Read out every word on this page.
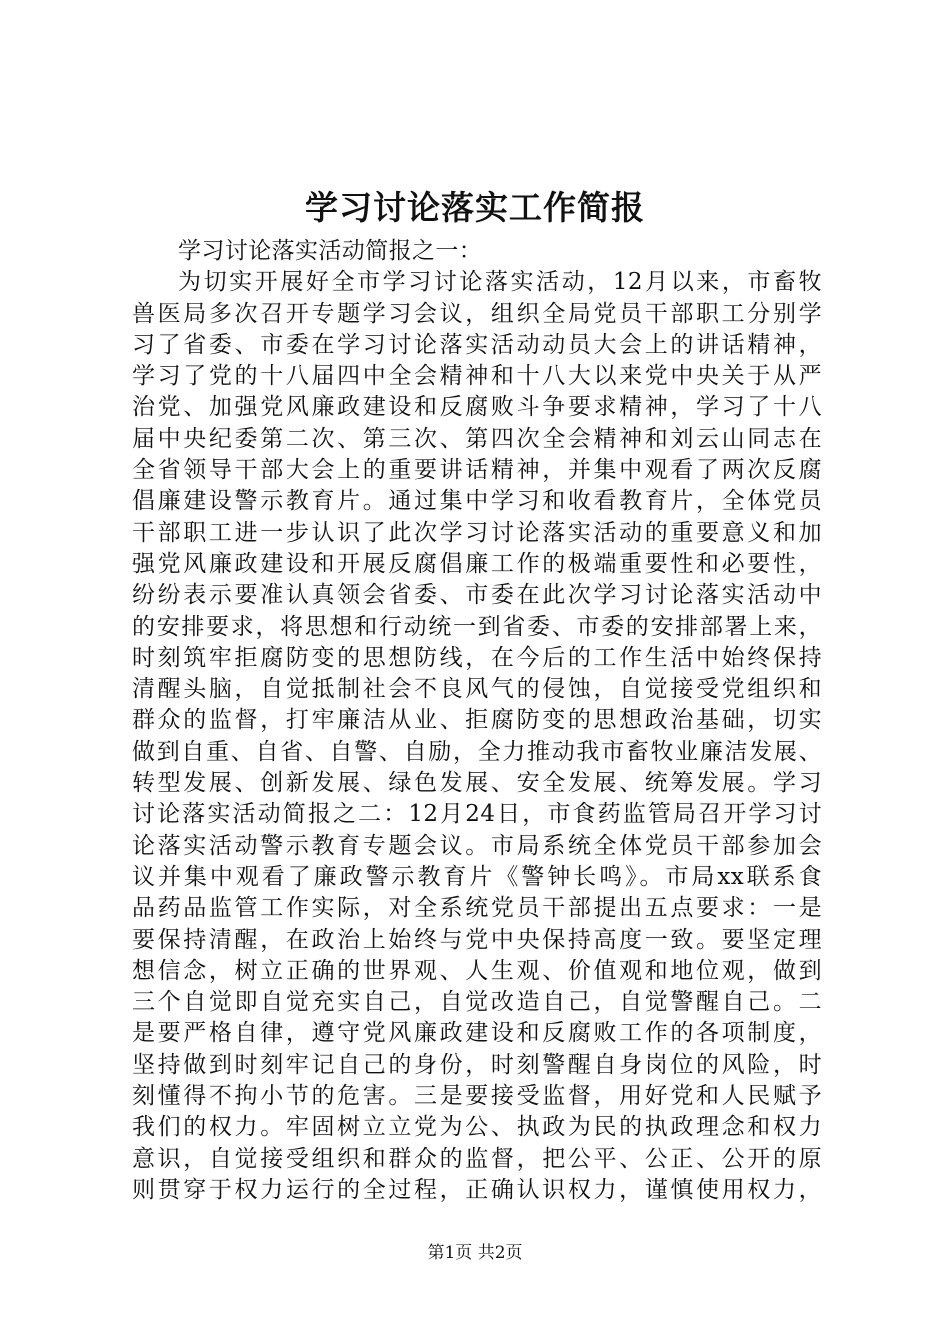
学习讨论落实工作简报
学习讨论落实活动简报之一：
为切实开展好全市学习讨论落实活动，12月以来，市畜牧
兽医局多次召开专题学习会议，组织全局党员干部职工分别学
习了省委、市委在学习讨论落实活动动员大会上的讲话精神，
学习了党的十八届四中全会精神和十八大以来党中央关于从严
治党、加强党风廉政建设和反腐败斗争要求精神，学习了十八
届中央纪委第二次、第三次、第四次全会精神和刘云山同志在
全省领导干部大会上的重要讲话精神，并集中观看了两次反腐
倡廉建设警示教育片。通过集中学习和收看教育片，全体党员
干部职工进一步认识了此次学习讨论落实活动的重要意义和加
强党风廉政建设和开展反腐倡廉工作的极端重要性和必要性，
纷纷表示要准认真领会省委、市委在此次学习讨论落实活动中
的安排要求，将思想和行动统一到省委、市委的安排部署上来，
时刻筑牢拒腐防变的思想防线，在今后的工作生活中始终保持
清醒头脑，自觉抵制社会不良风气的侵蚀，自觉接受党组织和
群众的监督，打牢廉洁从业、拒腐防变的思想政治基础，切实
做到自重、自省、自警、自励，全力推动我市畜牧业廉洁发展、
转型发展、创新发展、绿色发展、安全发展、统筹发展。学习
讨论落实活动简报之二：12月24日，市食药监管局召开学习讨
论落实活动警示教育专题会议。市局系统全体党员干部参加会
议并集中观看了廉政警示教育片《警钟长鸣》。市局xx联系食
品药品监管工作实际，对全系统党员干部提出五点要求：一是
要保持清醒，在政治上始终与党中央保持高度一致。要坚定理
想信念，树立正确的世界观、人生观、价值观和地位观，做到
三个自觉即自觉充实自己，自觉改造自己，自觉警醒自己。二
是要严格自律，遵守党风廉政建设和反腐败工作的各项制度，
坚持做到时刻牢记自己的身份，时刻警醒自身岗位的风险，时
刻懂得不拘小节的危害。三是要接受监督，用好党和人民赋予
我们的权力。牢固树立立党为公、执政为民的执政理念和权力
意识，自觉接受组织和群众的监督，把公平、公正、公开的原
则贯穿于权力运行的全过程，正确认识权力，谨慎使用权力，
第1页 共2页
